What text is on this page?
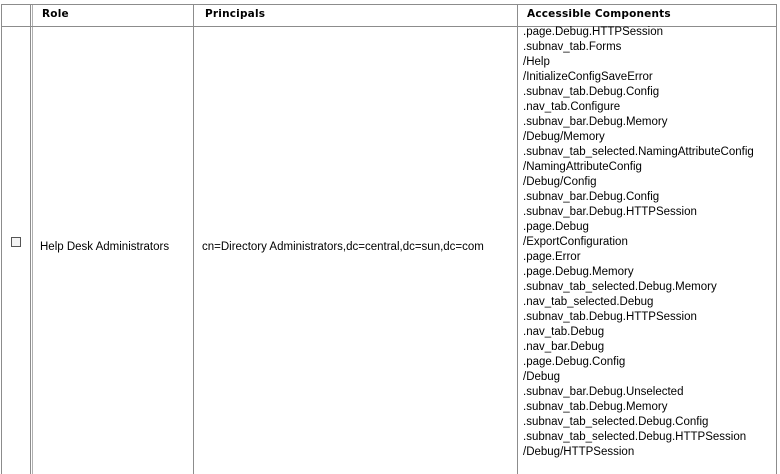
Role	Principals	Accessible Components
Help Desk Administrators	cn=Directory Administrators,dc=central,dc=sun,dc=com
.page.Debug.HTTPSession
.subnav_tab.Forms
/Help
/InitializeConfigSaveError
.subnav_tab.Debug.Config
.nav_tab.Configure
.subnav_bar.Debug.Memory
/Debug/Memory
.subnav_tab_selected.NamingAttributeConfig
/NamingAttributeConfig
/Debug/Config
.subnav_bar.Debug.Config
.subnav_bar.Debug.HTTPSession
.page.Debug
/ExportConfiguration
.page.Error
.page.Debug.Memory
.subnav_tab_selected.Debug.Memory
.nav_tab_selected.Debug
.subnav_tab.Debug.HTTPSession
.nav_tab.Debug
.nav_bar.Debug
.page.Debug.Config
/Debug
.subnav_bar.Debug.Unselected
.subnav_tab.Debug.Memory
.subnav_tab_selected.Debug.Config
.subnav_tab_selected.Debug.HTTPSession
/Debug/HTTPSession
